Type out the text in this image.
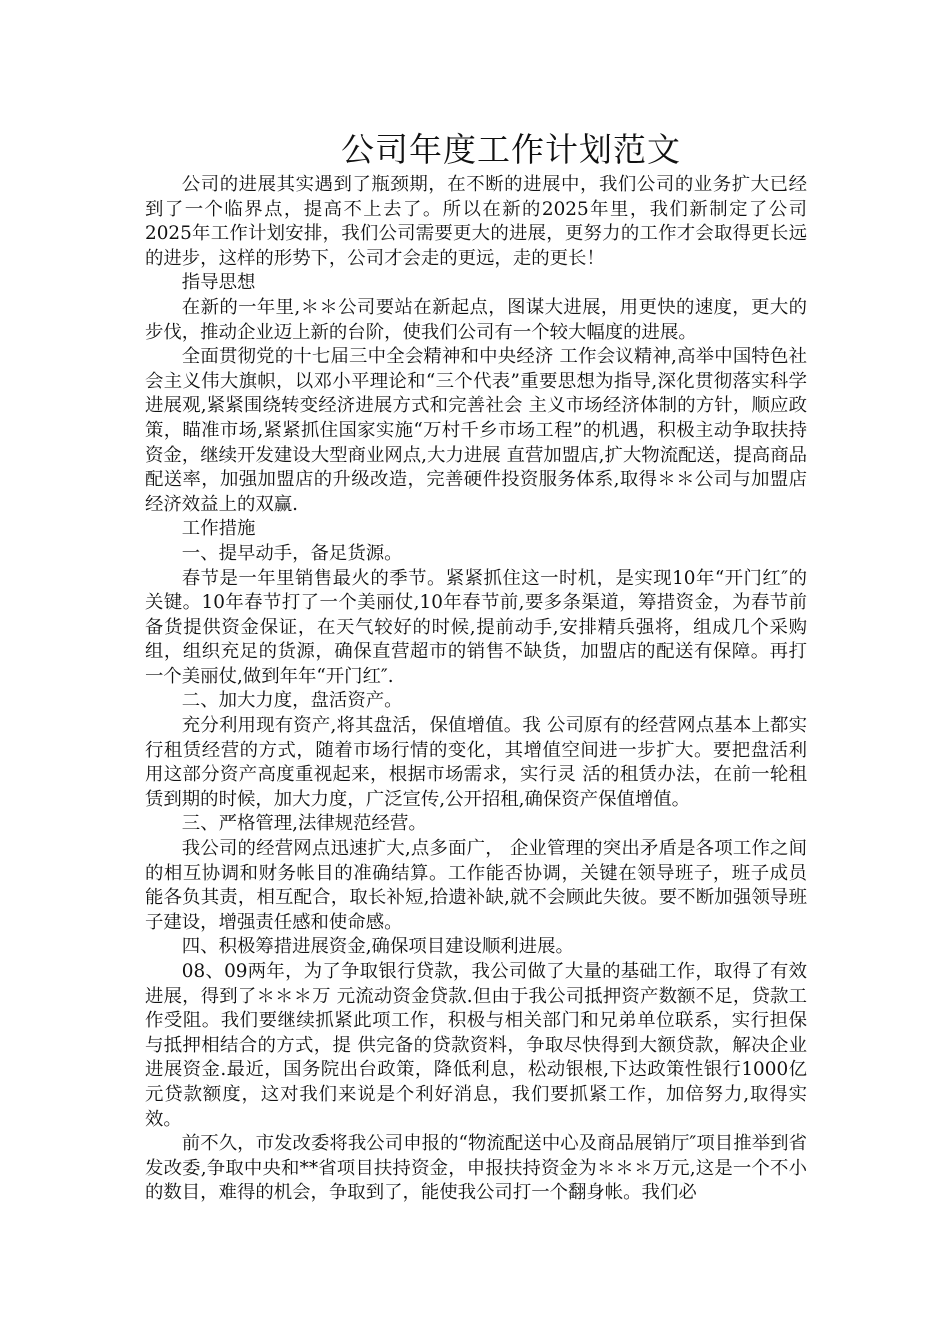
公司年度工作计划范文

公司的进展其实遇到了瓶颈期，在不断的进展中，我们公司的业务扩大已经到了一个临界点，提高不上去了。所以在新的2025年里，我们新制定了公司2025年工作计划安排，我们公司需要更大的进展，更努力的工作才会取得更长远的进步，这样的形势下，公司才会走的更远，走的更长！

指导思想

在新的一年里,＊＊公司要站在新起点，图谋大进展，用更快的速度，更大的步伐，推动企业迈上新的台阶，使我们公司有一个较大幅度的进展。

全面贯彻党的十七届三中全会精神和中央经济 工作会议精神,高举中国特色社会主义伟大旗帜，以邓小平理论和“三个代表”重要思想为指导,深化贯彻落实科学进展观,紧紧围绕转变经济进展方式和完善社会 主义市场经济体制的方针，顺应政策，瞄准市场,紧紧抓住国家实施“万村千乡市场工程”的机遇，积极主动争取扶持资金，继续开发建设大型商业网点,大力进展 直营加盟店,扩大物流配送，提高商品配送率，加强加盟店的升级改造，完善硬件投资服务体系,取得＊＊公司与加盟店经济效益上的双赢.

工作措施

一、提早动手，备足货源。

春节是一年里销售最火的季节。紧紧抓住这一时机，是实现10年“开门红″的关键。10年春节打了一个美丽仗,10年春节前,要多条渠道，筹措资金，为春节前备货提供资金保证，在天气较好的时候,提前动手,安排精兵强将，组成几个采购组，组织充足的货源，确保直营超市的销售不缺货，加盟店的配送有保障。再打一个美丽仗,做到年年“开门红″.

二、加大力度，盘活资产。

充分利用现有资产,将其盘活，保值增值。我 公司原有的经营网点基本上都实行租赁经营的方式，随着市场行情的变化，其增值空间进一步扩大。要把盘活利用这部分资产高度重视起来，根据市场需求，实行灵 活的租赁办法，在前一轮租赁到期的时候，加大力度，广泛宣传,公开招租,确保资产保值增值。

三、严格管理,法律规范经营。

我公司的经营网点迅速扩大,点多面广， 企业管理的突出矛盾是各项工作之间的相互协调和财务帐目的准确结算。工作能否协调，关键在领导班子，班子成员能各负其责，相互配合，取长补短,拾遗补缺,就不会顾此失彼。要不断加强领导班子建设，增强责任感和使命感。

四、积极筹措进展资金,确保项目建设顺利进展。

08、09两年，为了争取银行贷款，我公司做了大量的基础工作，取得了有效进展，得到了＊＊＊万 元流动资金贷款.但由于我公司抵押资产数额不足，贷款工作受阻。我们要继续抓紧此项工作，积极与相关部门和兄弟单位联系，实行担保与抵押相结合的方式，提 供完备的贷款资料，争取尽快得到大额贷款，解决企业进展资金.最近，国务院出台政策，降低利息，松动银根,下达政策性银行1000亿元贷款额度，这对我们来说是个利好消息，我们要抓紧工作，加倍努力,取得实效。

前不久，市发改委将我公司申报的“物流配送中心及商品展销厅″项目推举到省发改委,争取中央和**省项目扶持资金，申报扶持资金为＊＊＊万元,这是一个不小的数目，难得的机会，争取到了，能使我公司打一个翻身帐。我们必
